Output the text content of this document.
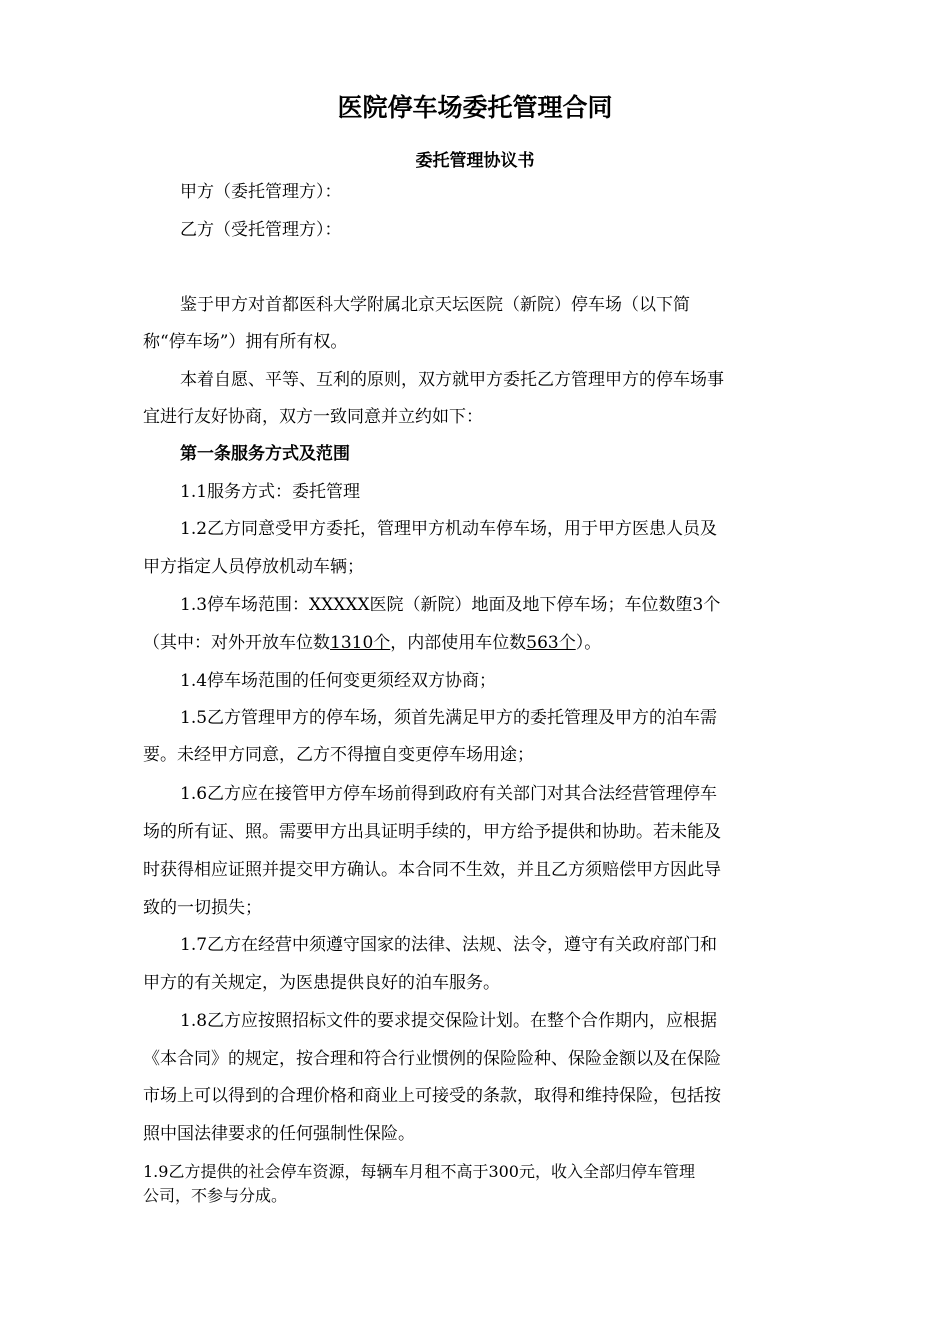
医院停车场委托管理合同
委托管理协议书
甲方（委托管理方）：
乙方（受托管理方）：
鉴于甲方对首都医科大学附属北京天坛医院（新院）停车场（以下简
称“停车场”）拥有所有权。
本着自愿、平等、互利的原则，双方就甲方委托乙方管理甲方的停车场事
宜进行友好协商，双方一致同意并立约如下：
第一条服务方式及范围
1.1服务方式：委托管理
1.2乙方同意受甲方委托，管理甲方机动车停车场，用于甲方医患人员及
甲方指定人员停放机动车辆；
1.3停车场范围：XXXXX医院（新院）地面及地下停车场；车位数堕3个
（其中：对外开放车位数1310个，内部使用车位数563个）。
1.4停车场范围的任何变更须经双方协商；
1.5乙方管理甲方的停车场，须首先满足甲方的委托管理及甲方的泊车需
要。未经甲方同意，乙方不得擅自变更停车场用途；
1.6乙方应在接管甲方停车场前得到政府有关部门对其合法经营管理停车
场的所有证、照。需要甲方出具证明手续的，甲方给予提供和协助。若未能及
时获得相应证照并提交甲方确认。本合同不生效，并且乙方须赔偿甲方因此导
致的一切损失；
1.7乙方在经营中须遵守国家的法律、法规、法令，遵守有关政府部门和
甲方的有关规定，为医患提供良好的泊车服务。
1.8乙方应按照招标文件的要求提交保险计划。在整个合作期内，应根据
《本合同》的规定，按合理和符合行业惯例的保险险种、保险金额以及在保险
市场上可以得到的合理价格和商业上可接受的条款，取得和维持保险，包括按
照中国法律要求的任何强制性保险。
1.9乙方提供的社会停车资源，每辆车月租不高于300元，收入全部归停车管理
公司，不参与分成。
